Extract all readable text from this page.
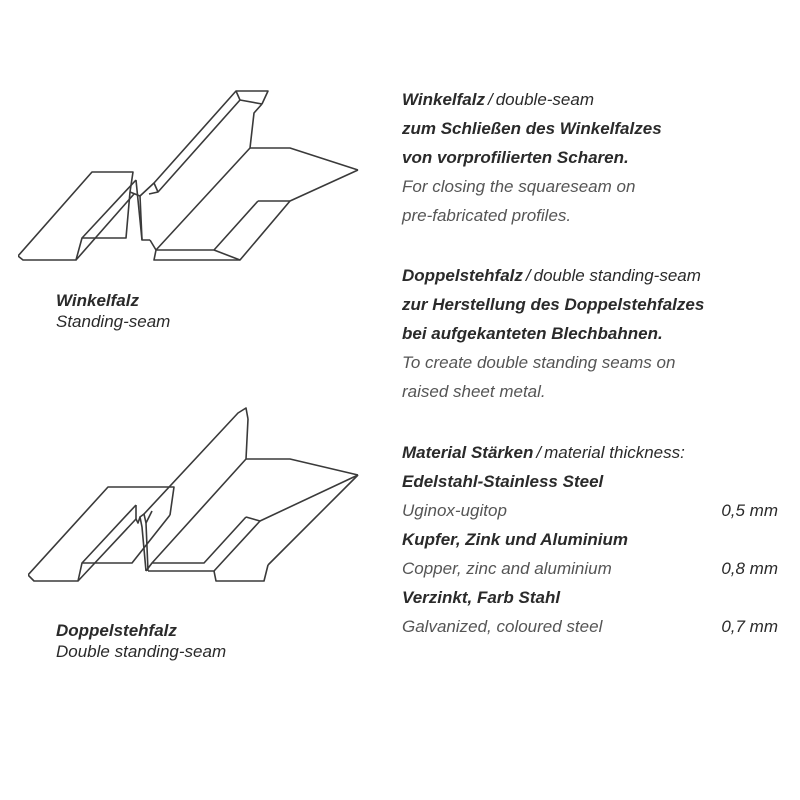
Winkelfalz
Standing-seam
Doppelstehfalz
Double standing-seam
Winkelfalz / double-seam
zum Schließen des Winkelfalzes
von vorprofilierten Scharen.
For closing the squareseam on
pre-fabricated profiles.
Doppelstehfalz / double standing-seam
zur Herstellung des Doppelstehfalzes
bei aufgekanteten Blechbahnen.
To create double standing seams on
raised sheet metal.
Material Stärken / material thickness:
Edelstahl-Stainless Steel
Uginox-ugitop	0,5 mm
Kupfer, Zink und Aluminium
Copper, zinc and aluminium	0,8 mm
Verzinkt, Farb Stahl
Galvanized, coloured steel	0,7 mm
